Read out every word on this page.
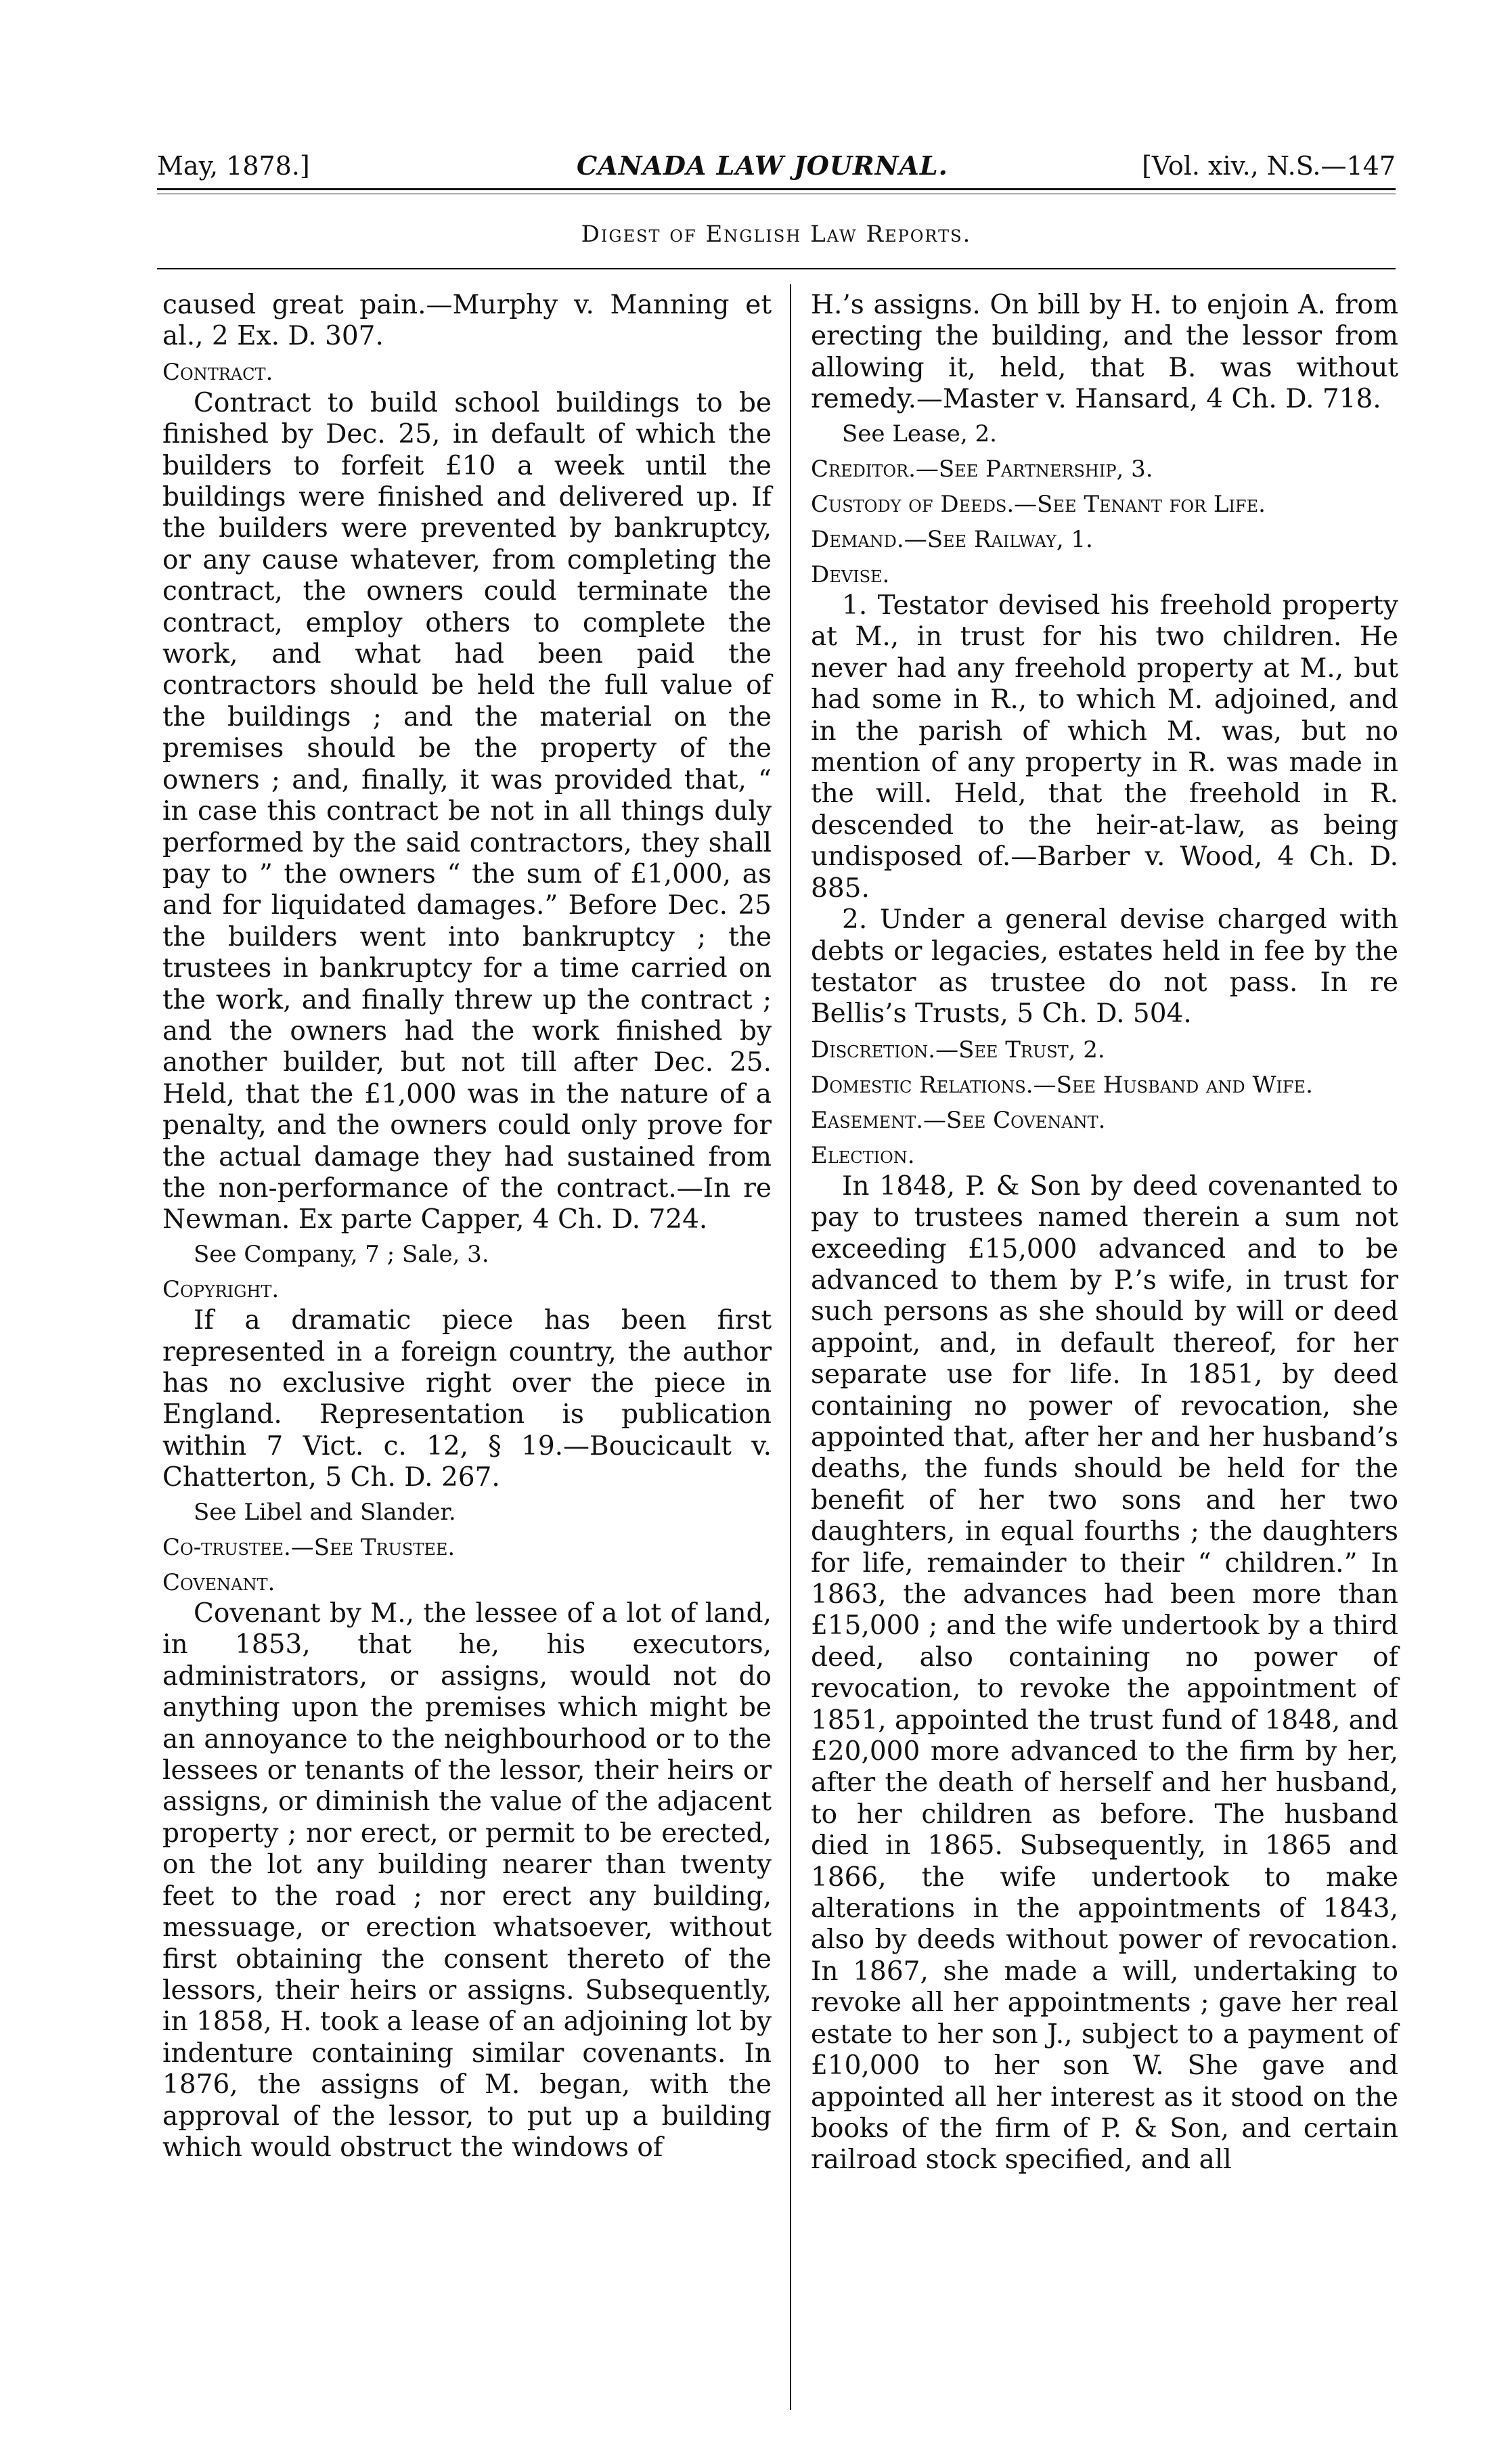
May, 1878.]	CANADA LAW JOURNAL.	[Vol. xiv., N.S.—147
Digest of English Law Reports.

caused great pain.—Murphy v. Manning et al., 2 Ex. D. 307.

Contract.

Contract to build school buildings to be finished by Dec. 25, in default of which the builders to forfeit £10 a week until the buildings were finished and delivered up. If the builders were prevented by bankruptcy, or any cause whatever, from completing the contract, the owners could terminate the contract, employ others to complete the work, and what had been paid the contractors should be held the full value of the buildings ; and the material on the premises should be the property of the owners ; and, finally, it was provided that, “ in case this contract be not in all things duly performed by the said contractors, they shall pay to ” the owners “ the sum of £1,000, as and for liquidated damages.” Before Dec. 25 the builders went into bankruptcy ; the trustees in bankruptcy for a time carried on the work, and finally threw up the contract ; and the owners had the work finished by another builder, but not till after Dec. 25. Held, that the £1,000 was in the nature of a penalty, and the owners could only prove for the actual damage they had sustained from the non-performance of the contract.—In re Newman. Ex parte Capper, 4 Ch. D. 724.

See Company, 7 ; Sale, 3.
Copyright.

If a dramatic piece has been first represented in a foreign country, the author has no exclusive right over the piece in England. Representation is publication within 7 Vict. c. 12, § 19.—Boucicault v. Chatterton, 5 Ch. D. 267.

See Libel and Slander.
Co-trustee.—See Trustee.
Covenant.

Covenant by M., the lessee of a lot of land, in 1853, that he, his executors, administrators, or assigns, would not do anything upon the premises which might be an annoyance to the neighbourhood or to the lessees or tenants of the lessor, their heirs or assigns, or diminish the value of the adjacent property ; nor erect, or permit to be erected, on the lot any building nearer than twenty feet to the road ; nor erect any building, messuage, or erection whatsoever, without first obtaining the consent thereto of the lessors, their heirs or assigns. Subsequently, in 1858, H. took a lease of an adjoining lot by indenture containing similar covenants. In 1876, the assigns of M. began, with the approval of the lessor, to put up a building which would obstruct the windows of

H.’s assigns. On bill by H. to enjoin A. from erecting the building, and the lessor from allowing it, held, that B. was without remedy.—Master v. Hansard, 4 Ch. D. 718.

See Lease, 2.
Creditor.—See Partnership, 3.
Custody of Deeds.—See Tenant for Life.
Demand.—See Railway, 1.
Devise.

1. Testator devised his freehold property at M., in trust for his two children. He never had any freehold property at M., but had some in R., to which M. adjoined, and in the parish of which M. was, but no mention of any property in R. was made in the will. Held, that the freehold in R. descended to the heir-at-law, as being undisposed of.—Barber v. Wood, 4 Ch. D. 885.

2. Under a general devise charged with debts or legacies, estates held in fee by the testator as trustee do not pass. In re Bellis’s Trusts, 5 Ch. D. 504.

Discretion.—See Trust, 2.
Domestic Relations.—See Husband and Wife.
Easement.—See Covenant.
Election.

In 1848, P. & Son by deed covenanted to pay to trustees named therein a sum not exceeding £15,000 advanced and to be advanced to them by P.’s wife, in trust for such persons as she should by will or deed appoint, and, in default thereof, for her separate use for life. In 1851, by deed containing no power of revocation, she appointed that, after her and her husband’s deaths, the funds should be held for the benefit of her two sons and her two daughters, in equal fourths ; the daughters for life, remainder to their “ children.” In 1863, the advances had been more than £15,000 ; and the wife undertook by a third deed, also containing no power of revocation, to revoke the appointment of 1851, appointed the trust fund of 1848, and £20,000 more advanced to the firm by her, after the death of herself and her husband, to her children as before. The husband died in 1865. Subsequently, in 1865 and 1866, the wife undertook to make alterations in the appointments of 1843, also by deeds without power of revocation. In 1867, she made a will, undertaking to revoke all her appointments ; gave her real estate to her son J., subject to a payment of £10,000 to her son W. She gave and appointed all her interest as it stood on the books of the firm of P. & Son, and certain railroad stock specified, and all
